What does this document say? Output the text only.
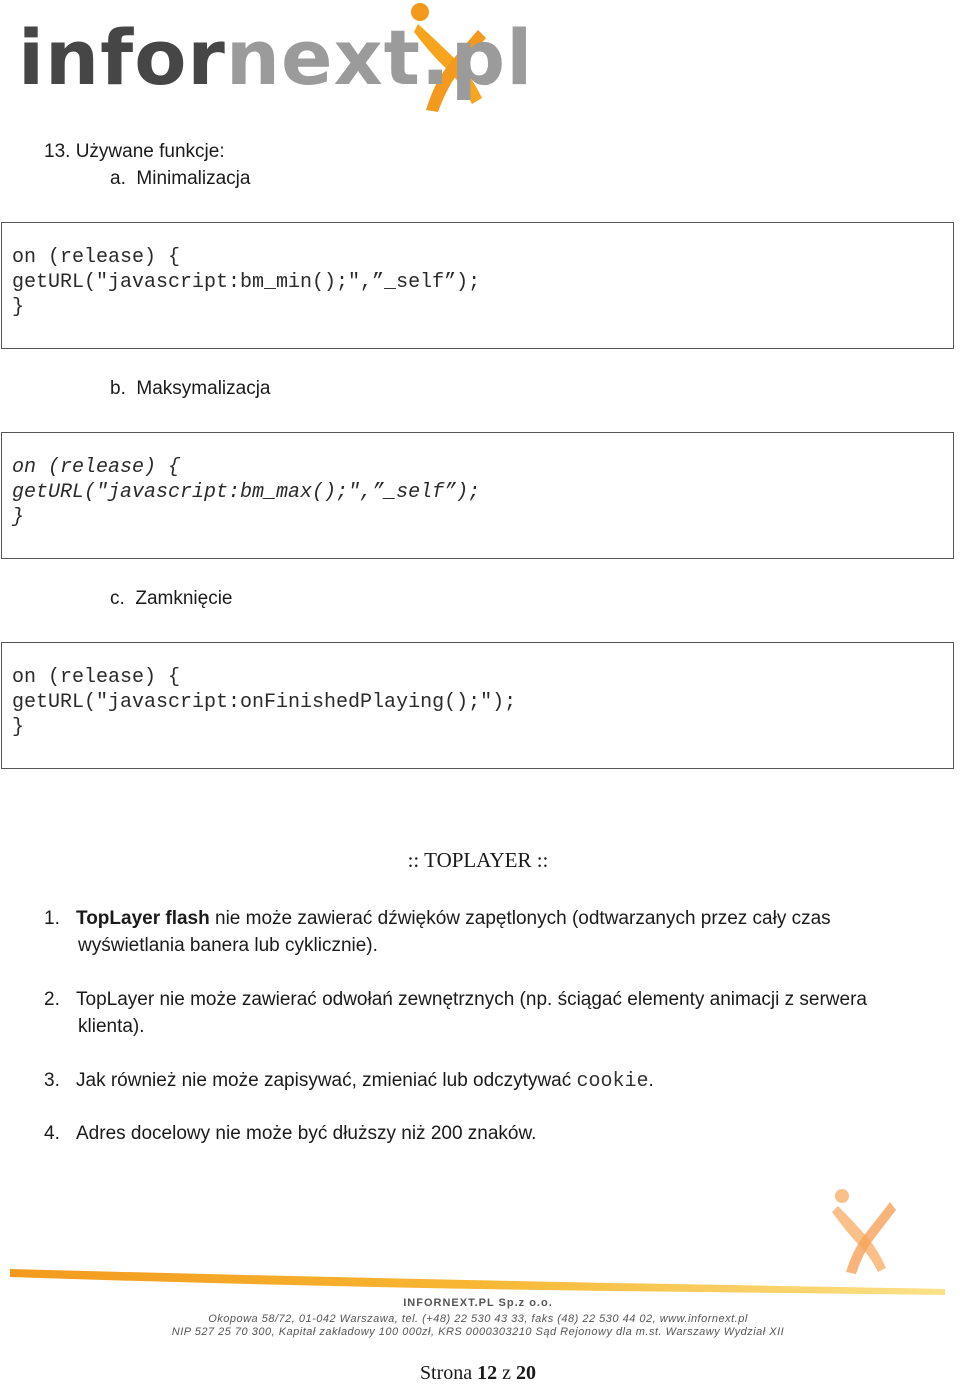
infornext.pl
13. Używane funkcje:
a.  Minimalizacja
on (release) {
getURL("javascript:bm_min();",”_self”);
}
b.  Maksymalizacja
on (release) {
getURL("javascript:bm_max();",”_self”);
}
c.  Zamknięcie
on (release) {
getURL("javascript:onFinishedPlaying();");
}
:: TOPLAYER ::
1. TopLayer flash nie może zawierać dźwięków zapętlonych (odtwarzanych przez cały czas
wyświetlania banera lub cyklicznie).
2. TopLayer nie może zawierać odwołań zewnętrznych (np. ściągać elementy animacji z serwera
klienta).
3. Jak również nie może zapisywać, zmieniać lub odczytywać cookie.
4. Adres docelowy nie może być dłuższy niż 200 znaków.
INFORNEXT.PL Sp.z o.o.
Okopowa 58/72, 01-042 Warszawa, tel. (+48) 22 530 43 33, faks (48) 22 530 44 02, www.infornext.pl
NIP 527 25 70 300, Kapitał zakładowy 100 000zł, KRS 0000303210 Sąd Rejonowy dla m.st. Warszawy Wydział XII
Strona 12 z 20
